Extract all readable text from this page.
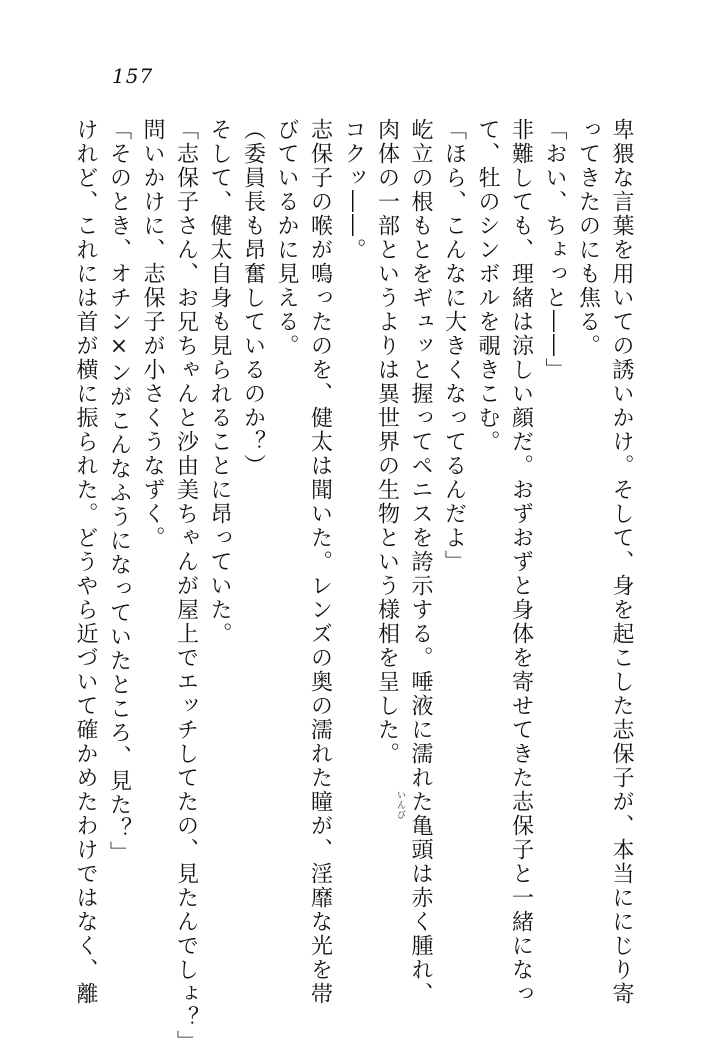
157
卑猥な言葉を用いての誘いかけ。そして、身を起こした志保子が、本当ににじり寄
ってきたのにも焦る。
「おい、ちょっと――」
非難しても、理緒は涼しい顔だ。おずおずと身体を寄せてきた志保子と一緒になっ
て、牡のシンボルを覗きこむ。
「ほら、こんなに大きくなってるんだよ」
屹立の根もとをギュッと握ってペニスを誇示する。唾液に濡れた亀頭は赤く腫れ、
肉体の一部というよりは異世界の生物という様相を呈した。
コクッ――。
志保子の喉が鳴ったのを、健太は聞いた。レンズの奥の濡れた瞳が、淫靡な光を帯
びているかに見える。
（委員長も昂奮しているのか？）
そして、健太自身も見られることに昂っていた。
「志保子さん、お兄ちゃんと沙由美ちゃんが屋上でエッチしてたの、見たんでしょ？」
問いかけに、志保子が小さくうなずく。
「そのとき、オチン×ンがこんなふうになっていたところ、見た？」
けれど、これには首が横に振られた。どうやら近づいて確かめたわけではなく、離	いんび
